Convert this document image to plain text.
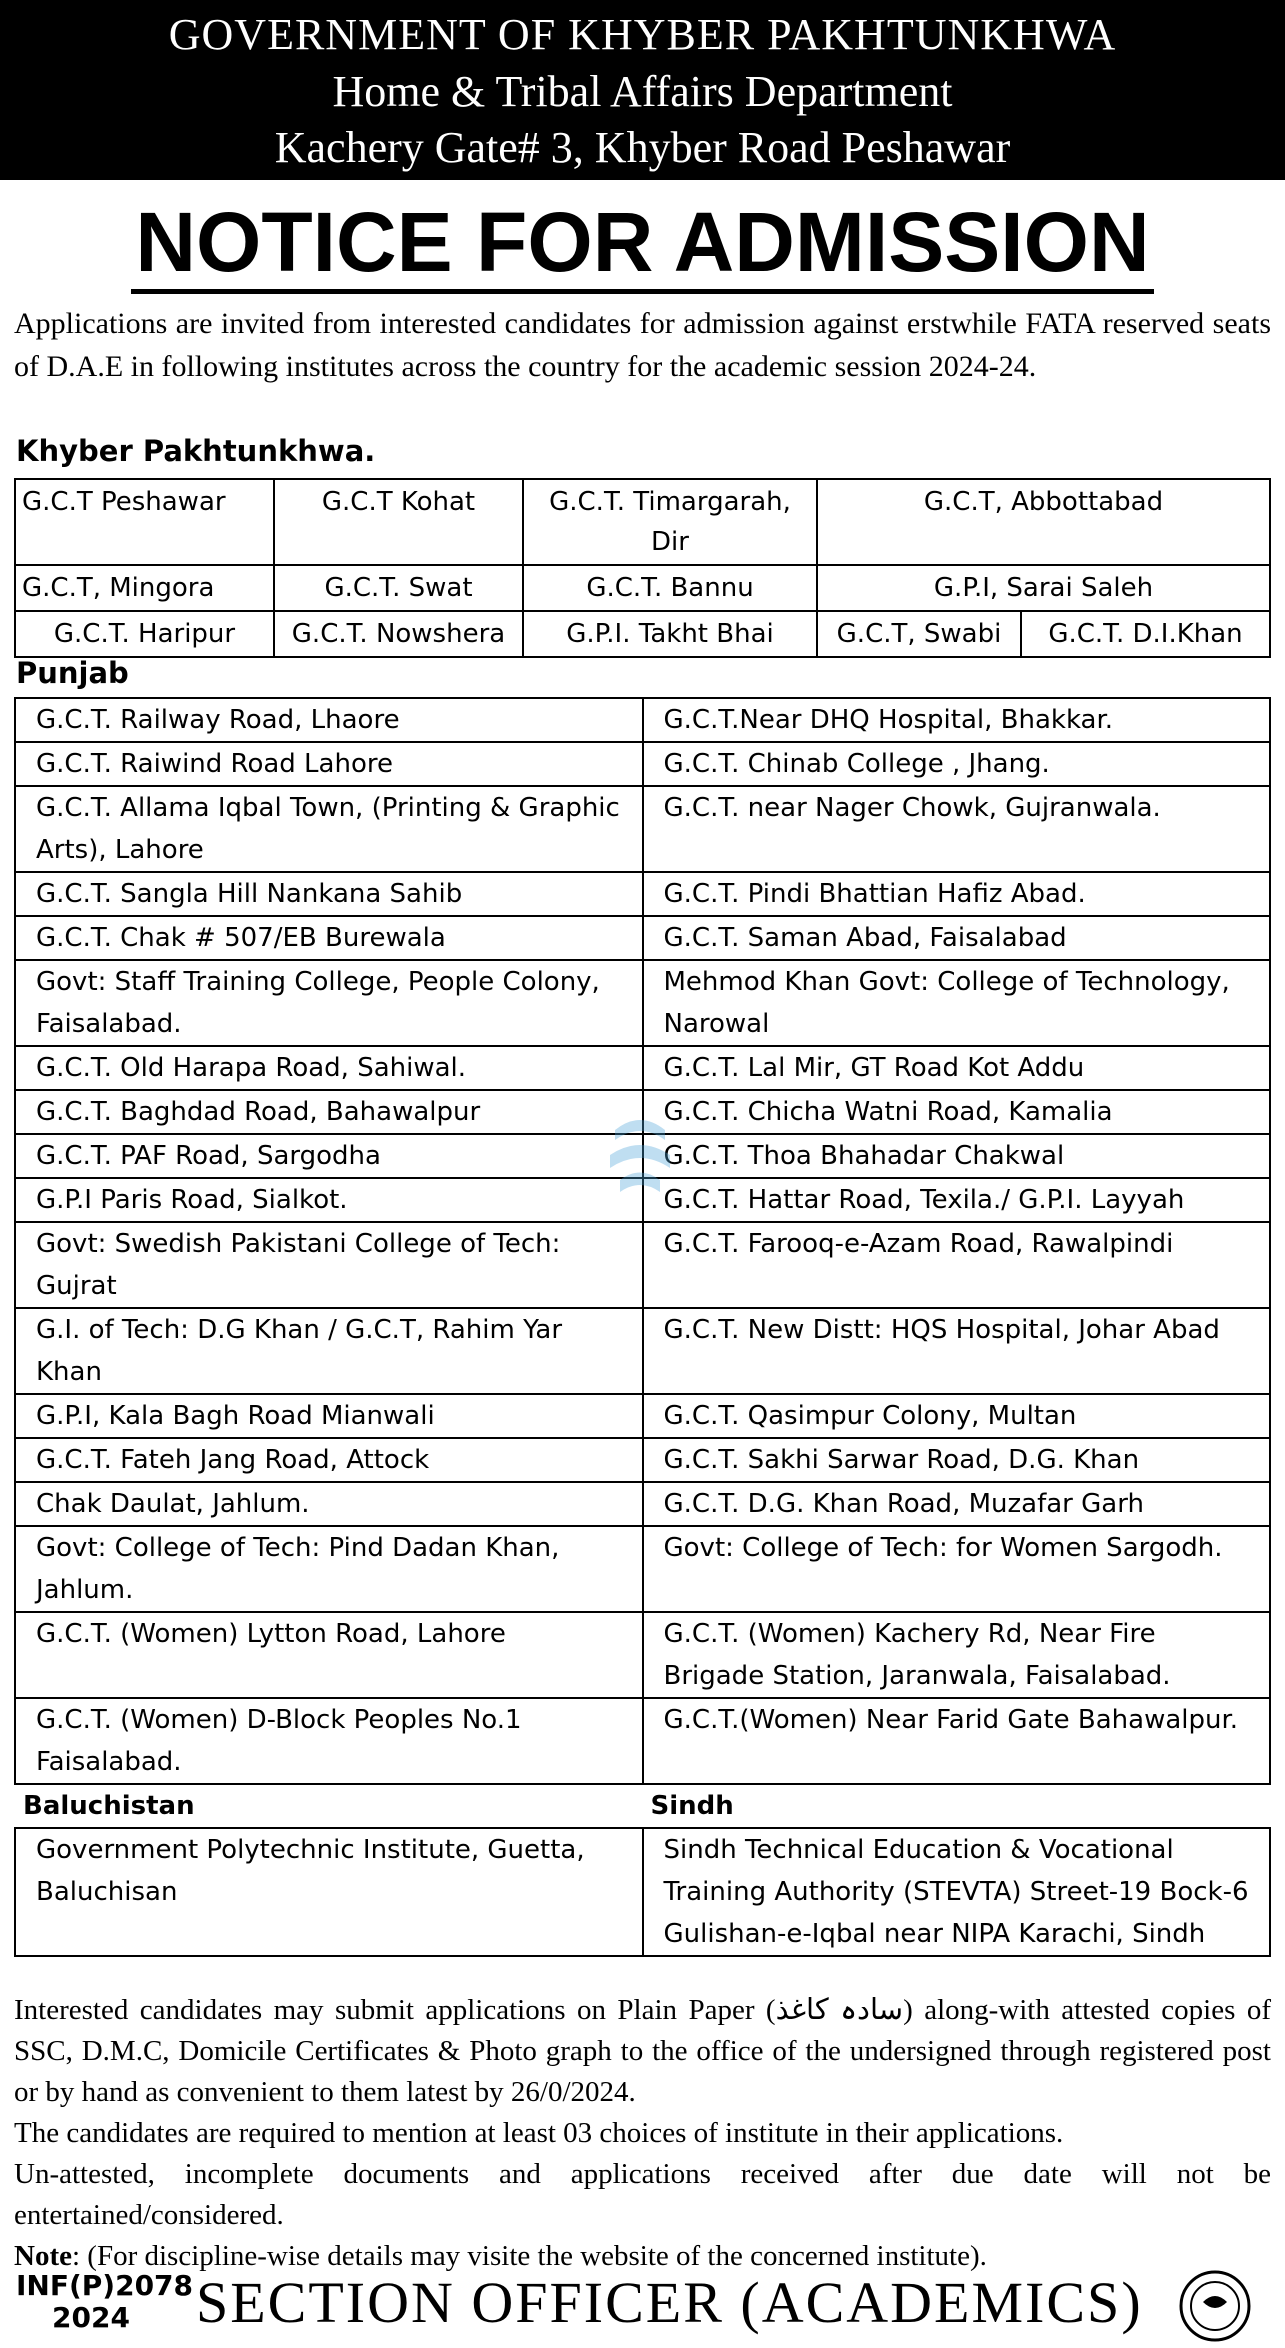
GOVERNMENT OF KHYBER PAKHTUNKHWA
Home & Tribal Affairs Department
Kachery Gate# 3, Khyber Road Peshawar
NOTICE FOR ADMISSION
Applications are invited from interested candidates for admission against erstwhile FATA reserved seats of D.A.E in following institutes across the country for the academic session 2024-24.
Khyber Pakhtunkhwa.
G.C.T Peshawar	G.C.T Kohat	G.C.T. Timargarah, Dir	G.C.T, Abbottabad	
G.C.T, Mingora	G.C.T. Swat	G.C.T. Bannu	G.P.I, Sarai Saleh	
G.C.T. Haripur	G.C.T. Nowshera	G.P.I. Takht Bhai	G.C.T, Swabi	G.C.T. D.I.Khan
Punjab
G.C.T. Railway Road, Lhaore	G.C.T.Near DHQ Hospital, Bhakkar.
G.C.T. Raiwind Road Lahore	G.C.T. Chinab College , Jhang.
G.C.T. Allama Iqbal Town, (Printing & Graphic Arts), Lahore	G.C.T. near Nager Chowk, Gujranwala.
G.C.T. Sangla Hill Nankana Sahib	G.C.T. Pindi Bhattian Hafiz Abad.
G.C.T. Chak # 507/EB Burewala	G.C.T. Saman Abad, Faisalabad
Govt: Staff Training College, People Colony, Faisalabad.	Mehmod Khan Govt: College of Technology, Narowal
G.C.T. Old Harapa Road, Sahiwal.	G.C.T. Lal Mir, GT Road Kot Addu
G.C.T. Baghdad Road, Bahawalpur	G.C.T. Chicha Watni Road, Kamalia
G.C.T. PAF Road, Sargodha	G.C.T. Thoa Bhahadar Chakwal
G.P.I Paris Road, Sialkot.	G.C.T. Hattar Road, Texila./ G.P.I. Layyah
Govt: Swedish Pakistani College of Tech: Gujrat	G.C.T. Farooq-e-Azam Road, Rawalpindi
G.I. of Tech: D.G Khan / G.C.T, Rahim Yar Khan	G.C.T. New Distt: HQS Hospital, Johar Abad
G.P.I, Kala Bagh Road Mianwali	G.C.T. Qasimpur Colony, Multan
G.C.T. Fateh Jang Road, Attock	G.C.T. Sakhi Sarwar Road, D.G. Khan
Chak Daulat, Jahlum.	G.C.T. D.G. Khan Road, Muzafar Garh
Govt: College of Tech: Pind Dadan Khan, Jahlum.	Govt: College of Tech: for Women Sargodh.
G.C.T. (Women) Lytton Road, Lahore	G.C.T. (Women) Kachery Rd, Near Fire Brigade Station, Jaranwala, Faisalabad.
G.C.T. (Women) D-Block Peoples No.1 Faisalabad.	G.C.T.(Women) Near Farid Gate Bahawalpur.
Baluchistan	Sindh
Government Polytechnic Institute, Guetta, Baluchisan	Sindh Technical Education & Vocational Training Authority (STEVTA) Street-19 Bock-6 Gulishan-e-Iqbal near NIPA Karachi, Sindh
Interested candidates may submit applications on Plain Paper (سادہ کاغذ) along-with attested copies of SSC, D.M.C, Domicile Certificates & Photo graph to the office of the undersigned through registered post or by hand as convenient to them latest by 26/0/2024.
The candidates are required to mention at least 03 choices of institute in their applications.
Un-attested, incomplete documents and applications received after due date will not be entertained/considered.
Note: (For discipline-wise details may visite the website of the concerned institute).
INF(P)2078
2024	SECTION OFFICER (ACADEMICS)
